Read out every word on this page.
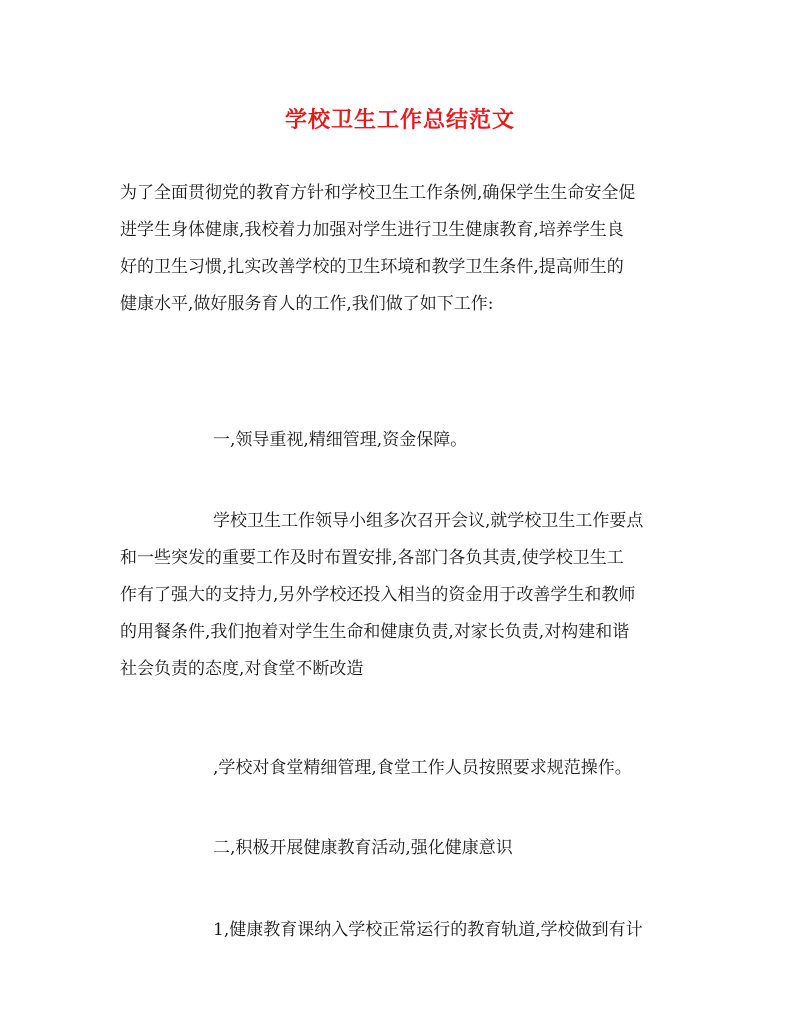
学校卫生工作总结范文
为了全面贯彻党的教育方针和学校卫生工作条例,确保学生生命安全促
进学生身体健康,我校着力加强对学生进行卫生健康教育,培养学生良
好的卫生习惯,扎实改善学校的卫生环境和教学卫生条件,提高师生的
健康水平,做好服务育人的工作,我们做了如下工作:
一,领导重视,精细管理,资金保障。
学校卫生工作领导小组多次召开会议,就学校卫生工作要点
和一些突发的重要工作及时布置安排,各部门各负其责,使学校卫生工
作有了强大的支持力,另外学校还投入相当的资金用于改善学生和教师
的用餐条件,我们抱着对学生生命和健康负责,对家长负责,对构建和谐
社会负责的态度,对食堂不断改造
,学校对食堂精细管理,食堂工作人员按照要求规范操作。
二,积极开展健康教育活动,强化健康意识
1,健康教育课纳入学校正常运行的教育轨道,学校做到有计
